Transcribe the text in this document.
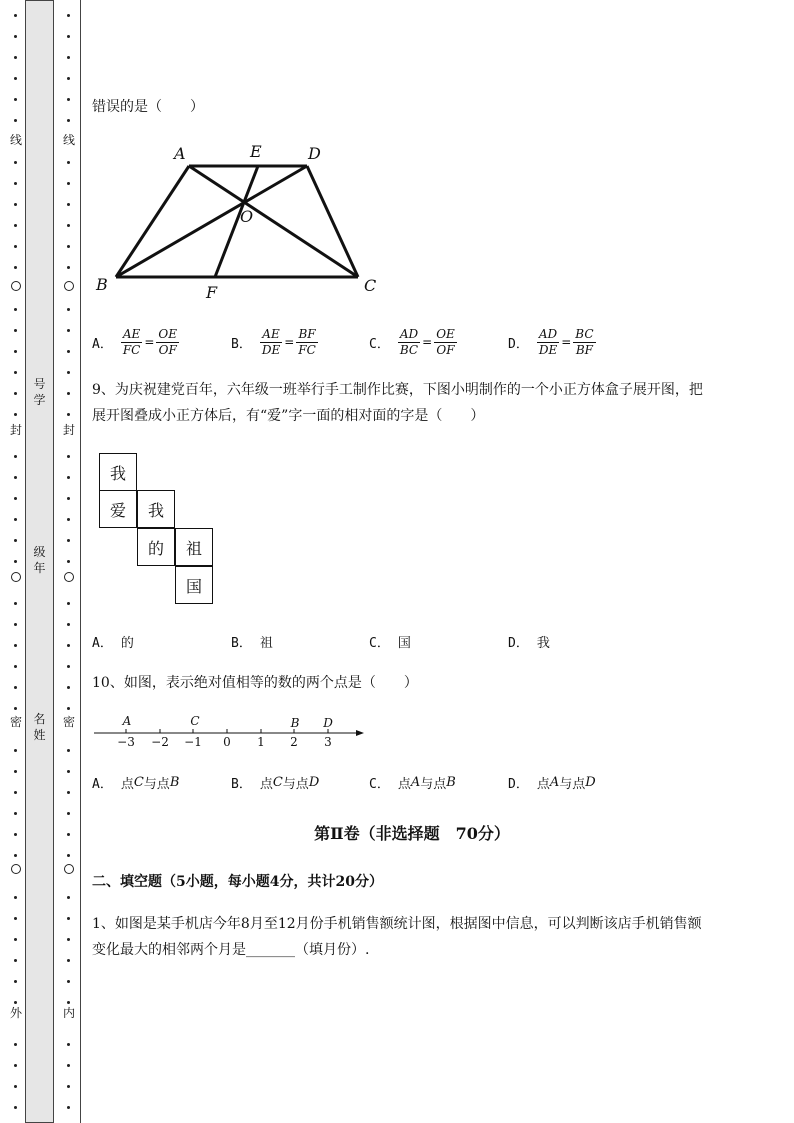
线
封
密
外
号
学
级
年
名
姓
线
封
密
内
错误的是（　　）
A	E	D
O
B	F	C
A． $\frac{AE}{FC} = \frac{OE}{OF}$	B． $\frac{AE}{DE} = \frac{BF}{FC}$	C． $\frac{AD}{BC} = \frac{OE}{OF}$	D． $\frac{AD}{DE} = \frac{BC}{BF}$
9、为庆祝建党百年，六年级一班举行手工制作比赛，下图小明制作的一个小正方体盒子展开图，把
展开图叠成小正方体后，有“爱”字一面的相对面的字是（　　）
我
爱	我
的	祖
国
A． 的	B． 祖	C． 国	D． 我
10、如图，表示绝对值相等的数的两个点是（　　）
−3 −2 −1 0 1 2 3
A	C	B D
A． 点 C 与点 B	B． 点 C 与点 D	C． 点 A 与点 B	D． 点 A 与点 D
第Ⅱ卷（非选择题　70分）
二、填空题（5小题，每小题4分，共计20分）
1、如图是某手机店今年8月至12月份手机销售额统计图，根据图中信息，可以判断该店手机销售额
变化最大的相邻两个月是_______（填月份）.
